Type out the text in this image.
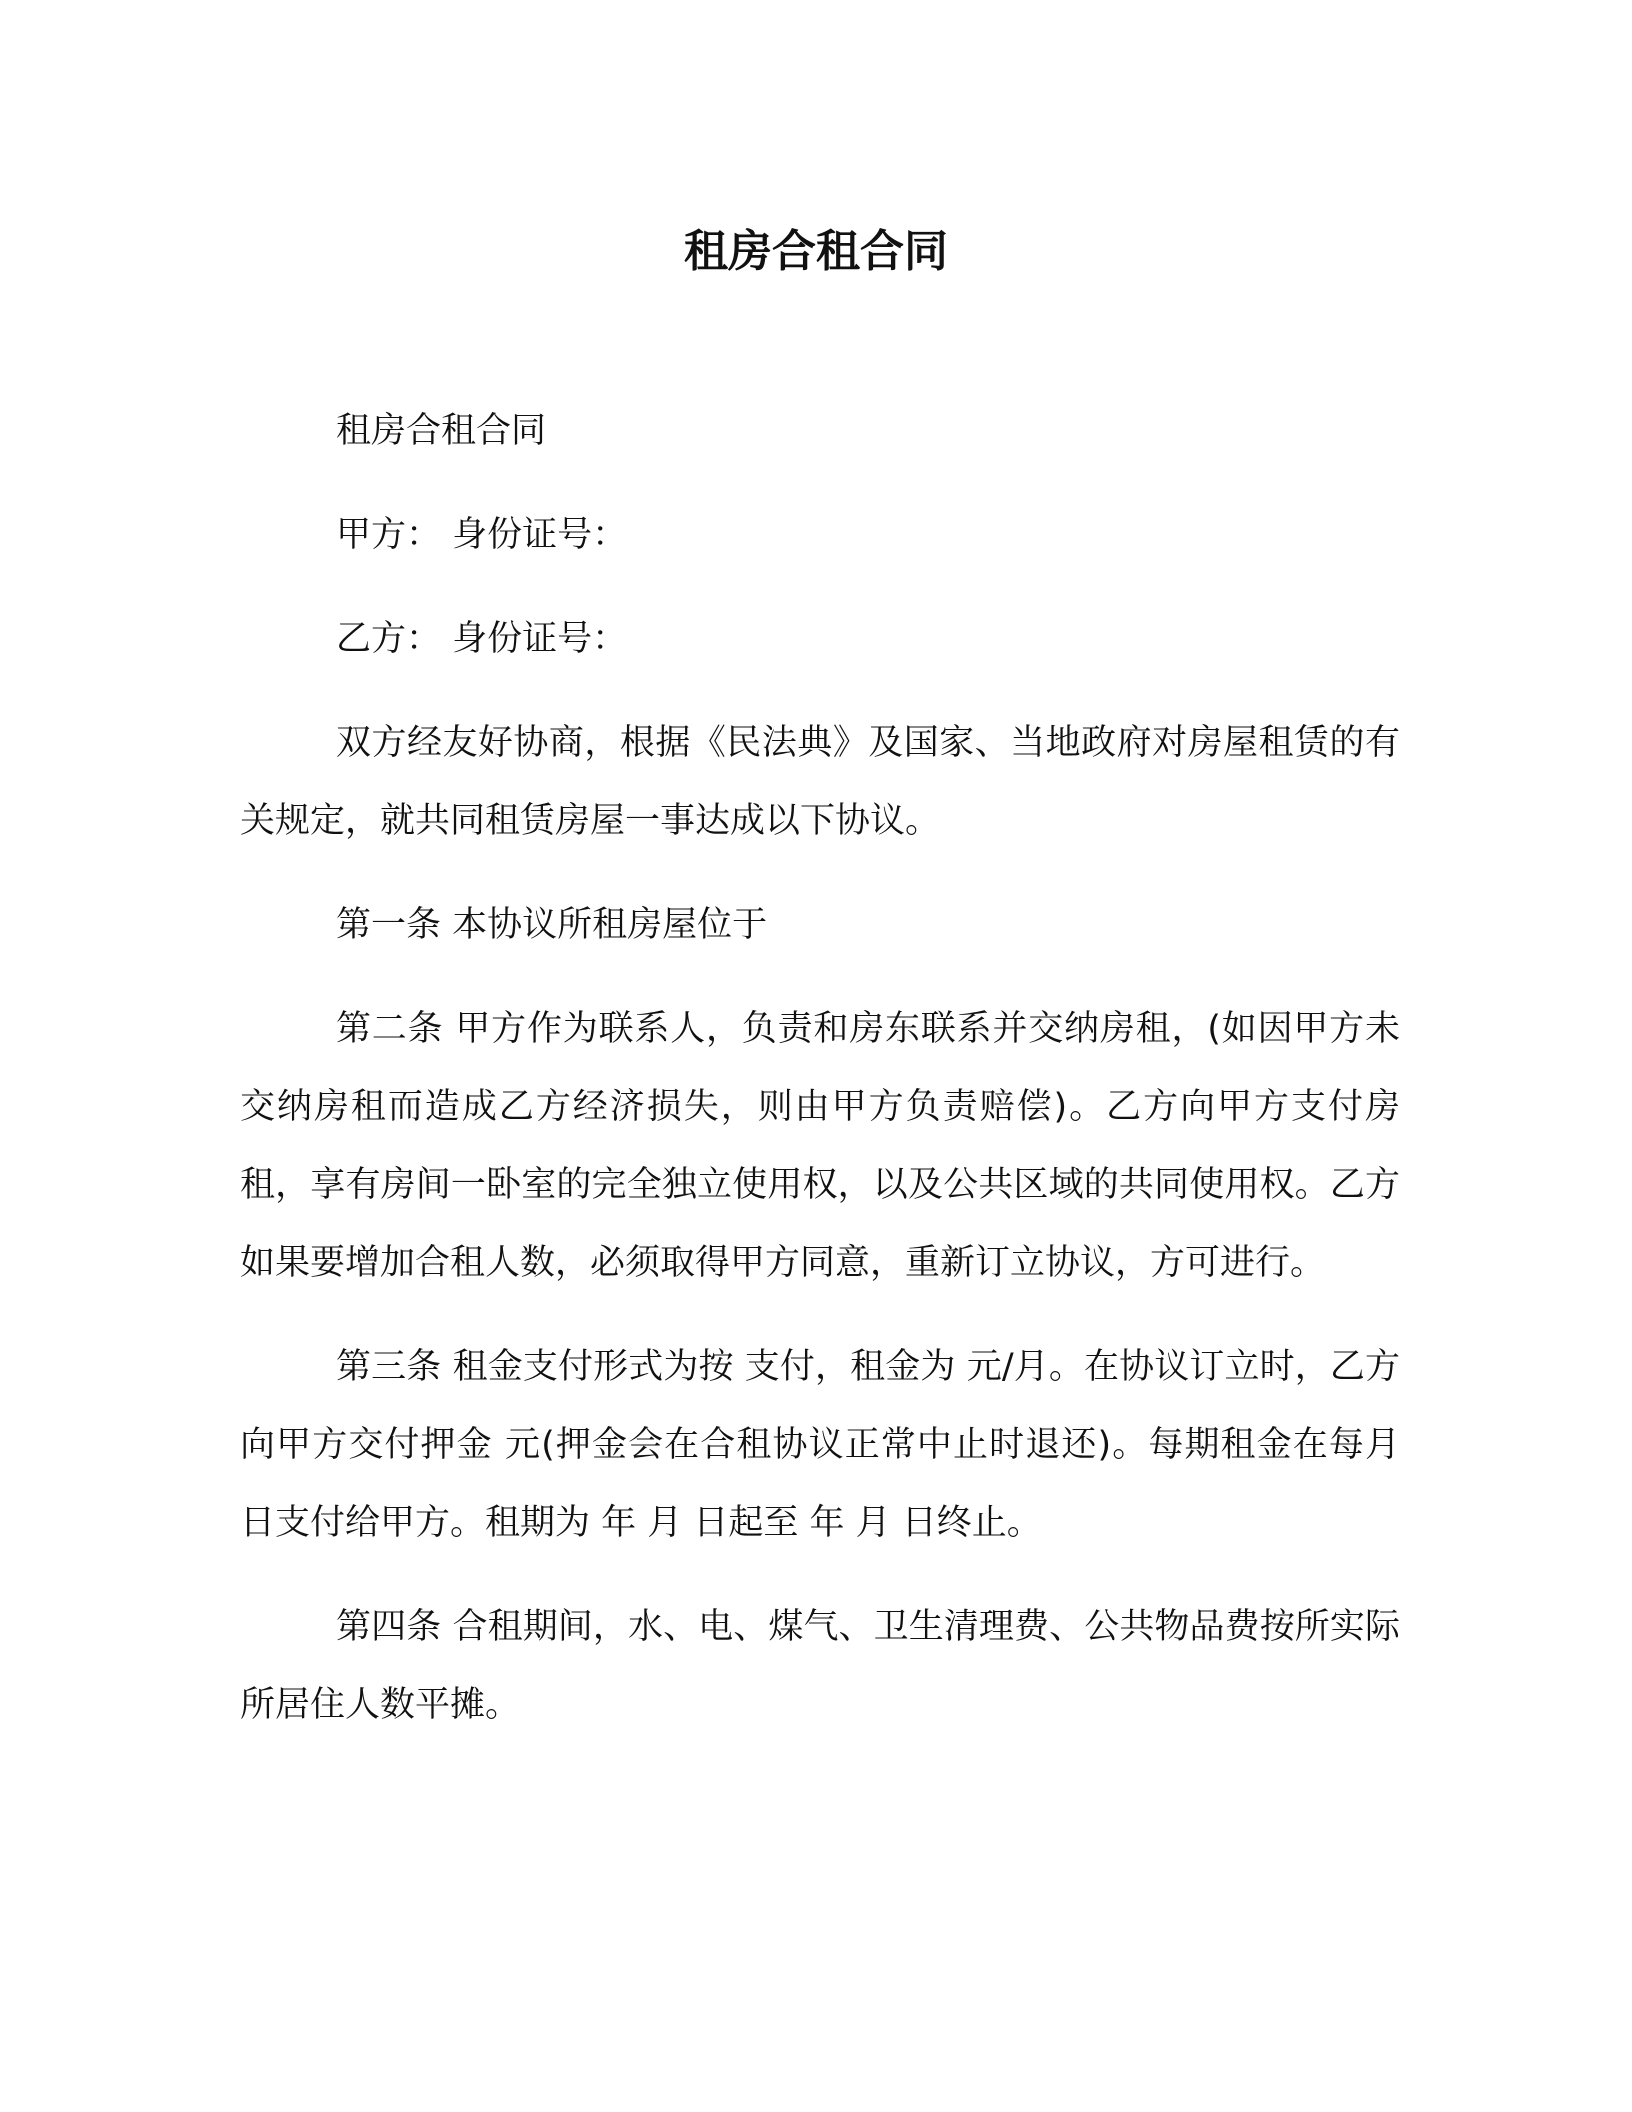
租房合租合同

租房合租合同

甲方： 身份证号：

乙方： 身份证号：

双方经友好协商，根据《民法典》及国家、当地政府对房屋租赁的有关规定，就共同租赁房屋一事达成以下协议。

第一条 本协议所租房屋位于

第二条 甲方作为联系人，负责和房东联系并交纳房租，(如因甲方未交纳房租而造成乙方经济损失，则由甲方负责赔偿)。乙方向甲方支付房租，享有房间一卧室的完全独立使用权，以及公共区域的共同使用权。乙方如果要增加合租人数，必须取得甲方同意，重新订立协议，方可进行。

第三条 租金支付形式为按 支付，租金为 元/月。在协议订立时，乙方向甲方交付押金 元(押金会在合租协议正常中止时退还)。每期租金在每月 日支付给甲方。租期为 年 月 日起至 年 月 日终止。

第四条 合租期间，水、电、煤气、卫生清理费、公共物品费按所实际所居住人数平摊。
